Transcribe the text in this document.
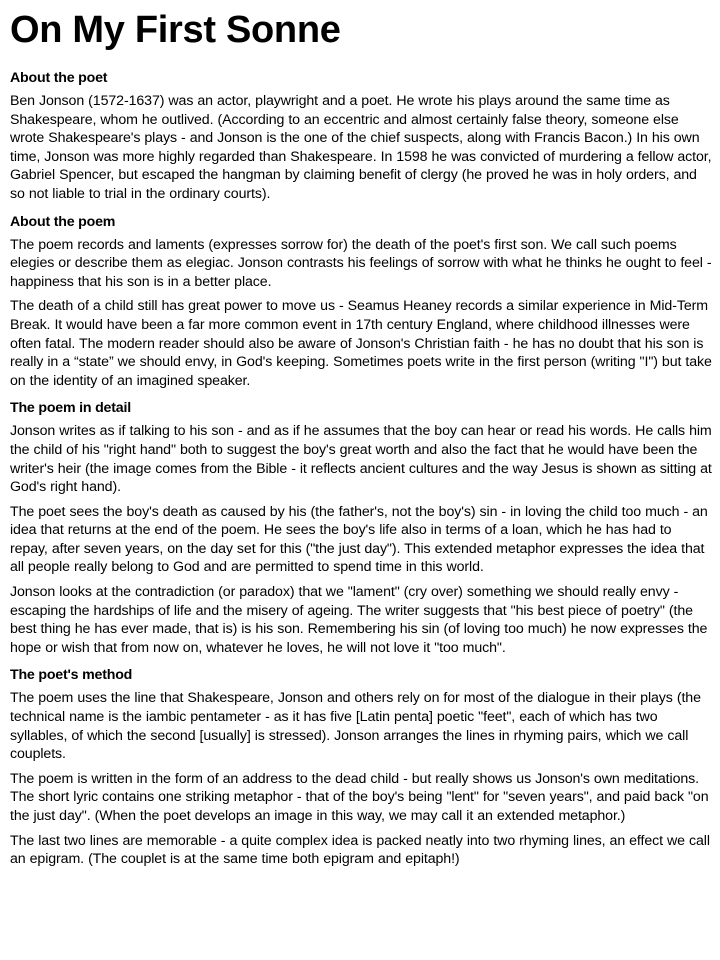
On My First Sonne
About the poet

Ben Jonson (1572-1637) was an actor, playwright and a poet. He wrote his plays around the same time as Shakespeare, whom he outlived. (According to an eccentric and almost certainly false theory, someone else wrote Shakespeare's plays - and Jonson is the one of the chief suspects, along with Francis Bacon.) In his own time, Jonson was more highly regarded than Shakespeare. In 1598 he was convicted of murdering a fellow actor, Gabriel Spencer, but escaped the hangman by claiming benefit of clergy (he proved he was in holy orders, and so not liable to trial in the ordinary courts).

About the poem

The poem records and laments (expresses sorrow for) the death of the poet's first son. We call such poems elegies or describe them as elegiac. Jonson contrasts his feelings of sorrow with what he thinks he ought to feel - happiness that his son is in a better place.

The death of a child still has great power to move us - Seamus Heaney records a similar experience in Mid-Term Break. It would have been a far more common event in 17th century England, where childhood illnesses were often fatal. The modern reader should also be aware of Jonson's Christian faith - he has no doubt that his son is really in a “state” we should envy, in God's keeping. Sometimes poets write in the first person (writing "I") but take on the identity of an imagined speaker.

The poem in detail

Jonson writes as if talking to his son - and as if he assumes that the boy can hear or read his words. He calls him the child of his "right hand" both to suggest the boy's great worth and also the fact that he would have been the writer's heir (the image comes from the Bible - it reflects ancient cultures and the way Jesus is shown as sitting at God's right hand).

The poet sees the boy's death as caused by his (the father's, not the boy's) sin - in loving the child too much - an idea that returns at the end of the poem. He sees the boy's life also in terms of a loan, which he has had to repay, after seven years, on the day set for this ("the just day"). This extended metaphor expresses the idea that all people really belong to God and are permitted to spend time in this world.

Jonson looks at the contradiction (or paradox) that we "lament" (cry over) something we should really envy - escaping the hardships of life and the misery of ageing. The writer suggests that "his best piece of poetry" (the best thing he has ever made, that is) is his son. Remembering his sin (of loving too much) he now expresses the hope or wish that from now on, whatever he loves, he will not love it "too much".

The poet's method

The poem uses the line that Shakespeare, Jonson and others rely on for most of the dialogue in their plays (the technical name is the iambic pentameter - as it has five [Latin penta] poetic "feet", each of which has two syllables, of which the second [usually] is stressed). Jonson arranges the lines in rhyming pairs, which we call couplets.

The poem is written in the form of an address to the dead child - but really shows us Jonson's own meditations. The short lyric contains one striking metaphor - that of the boy's being "lent" for "seven years", and paid back "on the just day". (When the poet develops an image in this way, we may call it an extended metaphor.)

The last two lines are memorable - a quite complex idea is packed neatly into two rhyming lines, an effect we call an epigram. (The couplet is at the same time both epigram and epitaph!)
